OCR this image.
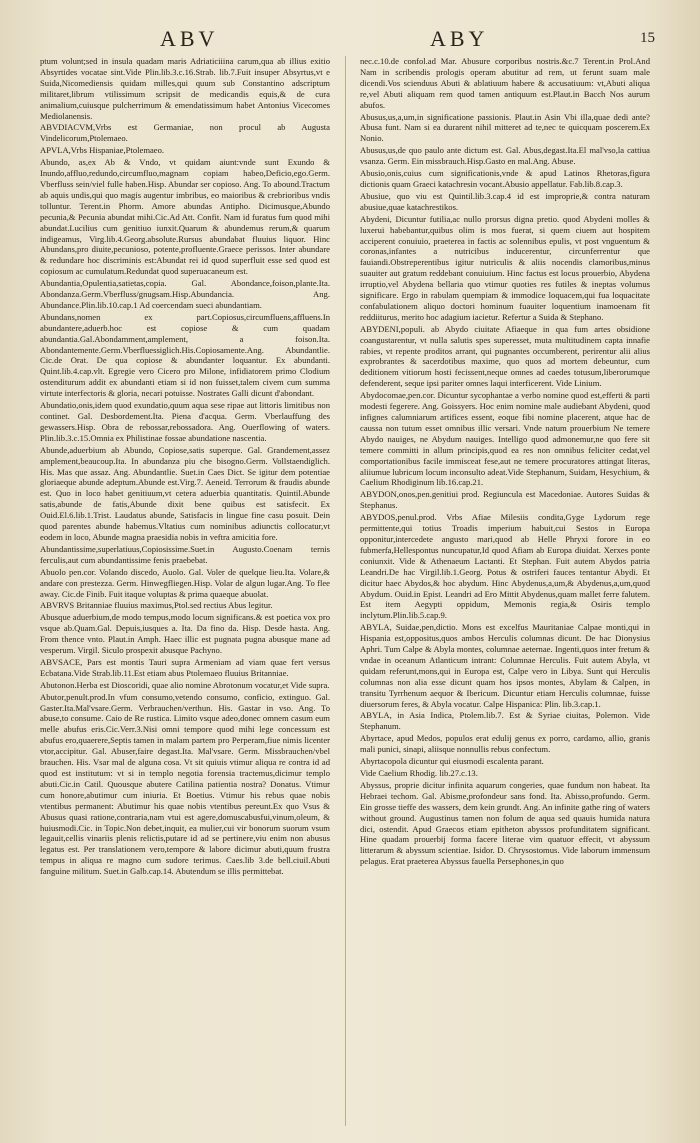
ABV	ABY	15

ptum volunt;sed in insula quadam maris Adriaticiiina carum,qua ab illius exitio Absyrtides vocatae sint.Vide Plin.lib.3.c.16.Strab. lib.7.Fuit insuper Absyrtus,vt e Suida,Nicomediensis quidam milles,qui quum sub Constantino adscriptum militaret,librum vtilissimum scripsit de medicandis equis,& de cura animalium,cuiusque pulcherrimum & emendatissimum habet Antonius Vicecomes Mediolanensis.

ABVDIACVM,Vrbs est Germaniae, non procul ab Augusta Vindelicorum,Ptolemaeo.

APVLA,Vrbs Hispaniae,Ptolemaeo.

Abundo, as,ex Ab & Vndo, vt quidam aiunt:vnde sunt Exundo & Inundo,affluo,redundo,circumfluo,magnam copiam habeo,Deficio,ego.Germ. Vberfluss sein/viel fulle haben.Hisp. Abundar ser copioso. Ang. To abound.Tractum ab aquis undis,qui quo magis augentur imbribus, eo maioribus & crebrioribus vndis tolluntur. Terent.in Phorm. Amore abundas Antipho. Dicimusque,Abundo pecunia,& Pecunia abundat mihi.Cic.Ad Att. Confit. Nam id furatus fum quod mihi abundat.Lucilius cum genitiuo iunxit.Quarum & abundemus rerum,& quarum indigeamus, Virg.lib.4.Georg.absolute.Rursus abundabat fluuius liquor. Hinc Abundans,pro diuite,pecunioso, potente,profluente.Graece perissos. Inter abundare & redundare hoc discriminis est:Abundat rei id quod superfluit esse sed quod est copiosum ac cumulatum.Redundat quod superuacaneum est.

Abundantia,Opulentia,satietas,copia. Gal. Abondance,foison,plante.Ita. Abondanza.Germ.Vberfluss/gnugsam.Hisp.Abundancia. Ang. Abundance.Plin.lib.10.cap.1 Ad coercendam sueci abundantiam.

Abundans,nomen ex part.Copiosus,circumfluens,affluens.In abundantere,aduerb.hoc est copiose & cum quadam abundantia.Gal.Abondamment,amplement, a foison.Ita. Abondantemente.Germ.Vberfluessiglich.His.Copiosamente.Ang. Abundantlie. Cic.de Orat. De qua copiose & abundanter loquantur. Ex abundanti. Quint.lib.4.cap.vlt. Egregie vero Cicero pro Milone, infidiatorem primo Clodium ostenditurum addit ex abundanti etiam si id non fuisset,talem civem cum summa virtute interfectoris & gloria, necari potuisse. Nostrates Galli dicunt d'abondant.

Abundatio,onis,idem quod exundatio,quum aqua sese ripae aut littoris limitibus non continet. Gal. Desbordement.Ita. Piena d'acqua. Germ. Vberlauffung des gewassers.Hisp. Obra de rebossar,rebossadora. Ang. Ouerflowing of waters. Plin.lib.3.c.15.Omnia ex Philistinae fossae abundatione nascentia.

Abunde,aduerbium ab Abundo, Copiose,satis superque. Gal. Grandement,assez amplement,beaucoup.Ita. In abundanza piu che bisogno.Germ. Vollstaendiglich. His. Mas que assaz. Ang. Abundantlie. Suet.in Caes Dict. Se igitur dem potentiae gloriaeque abunde adeptum.Abunde est.Virg.7. Aeneid. Terrorum & fraudis abunde est. Quo in loco habet genitiuum,vt cetera aduerbia quantitatis. Quintil.Abunde satis,abunde de fatis,Abunde dixit bene quibus est satisfecit. Ex Ouid.El.6.lib.1.Trist. Laudatus abunde, Satisfacis in lingue fine casu posuit. Dein quod parentes abunde habemus.Vltatius cum nominibus adiunctis collocatur,vt eodem in loco, Abunde magna praesidia nobis in veftra amicitia fore.

Abundantissime,superlatiuus,Copiosissime.Suet.in Augusto.Coenam ternis ferculis,aut cum abundantissime fenis praebebat.

Abuolo pen.cor. Volando discedo, Auolo. Gal. Voler de quelque lieu.Ita. Volare,& andare con prestezza. Germ. Hinwegfliegen.Hisp. Volar de algun lugar.Ang. To flee away. Cic.de Finib. Fuit itaque voluptas & prima quaeque abuolat.

ABVRVS Britanniae fluuius maximus,Ptol.sed rectius Abus legitur.

Abusque aduerbium,de modo tempus,modo locum significans.& est poetica vox pro vsque ab.Quam.Gal. Depuis,iusques a. Ita. Da fino da. Hisp. Desde hasta. Ang. From thence vnto. Plaut.in Amph. Haec illic est pugnata pugna abusque mane ad vesperum. Virgil. Siculo prospexit abusque Pachyno.

ABVSACE, Pars est montis Tauri supra Armeniam ad viam quae fert versus Ecbatana.Vide Strab.lib.11.Est etiam abus Ptolemaeo fluuius Britanniae.

Abutonon.Herba est Dioscoridi, quae alio nomine Abrotonum vocatur,et Vide supra.

Abutor,penult.prod.In vfum consumo,vetendo consumo, conficio, extinguo. Gal. Gaster.Ita.Mal'vsare.Germ. Verbrauchen/verthun. His. Gastar in vso. Ang. To abuse,to consume. Caio de Re rustica. Limito vsque adeo,donec omnem casum eum melle abufus eris.Cic.Verr.3.Nisi omni tempore quod mihi lege concessum est abufus ero,quaerere,Septis tamen in malam partem pro Perperam,fiue nimis licenter vtor,accipitur. Gal. Abuser,faire degast.Ita. Mal'vsare. Germ. Missbrauchen/vbel brauchen. His. Vsar mal de alguna cosa. Vt sit quiuis vtimur aliqua re contra id ad quod est institutum: vt si in templo negotia forensia tractemus,dicimur templo abuti.Cic.in Catil. Quousque abutere Catilina patientia nostra? Donatus. Vtimur cum honore,abutimur cum iniuria. Et Boetius. Vtimur his rebus quae nobis vtentibus permanent: Abutimur his quae nobis vtentibus pereunt.Ex quo Vsus & Abusus quasi ratione,contraria,nam vtui est agere,domuscabusfui,vinum,oleum, & huiusmodi.Cic. in Topic.Non debet,inquit, ea mulier,cui vir bonorum suorum vsum legauit,cellis vinariis plenis relictis,putare id ad se pertinere,viu enim non abusus legatus est. Per translationem vero,tempore & labore dicimur abuti,quum frustra tempus in aliqua re magno cum sudore terimus. Caes.lib 3.de bell.ciuil.Abuti fanguine militum. Suet.in Galb.cap.14. Abutendum se illis permittebat.

nec.c.10.de confol.ad Mar. Abusure corporibus nostris.&c.7 Terent.in Prol.And Nam in scribendis prologis operam abutitur ad rem, ut ferunt suam male dicendi.Vos scienduus Abuti & ablatiuum habere & accusatiuum: vt,Abuti aliqua re,vel Abuti aliquam rem quod tamen antiquum est.Plaut.in Bacch Nos aurum abufos.

Abusus,us,a,um,in significatione passionis. Plaut.in Asin Vbi illa,quae dedi ante? Abusa funt. Nam si ea durarent nihil mitteret ad te,nec te quicquam poscerem.Ex Nonio.

Abusus,us,de quo paulo ante dictum est. Gal. Abus,degast.Ita.El mal'vso,la cattiua vsanza. Germ. Ein missbrauch.Hisp.Gasto en mal.Ang. Abuse.

Abusio,onis,cuius cum significationis,vnde & apud Latinos Rhetoras,figura dictionis quam Graeci katachresin vocant.Abusio appellatur. Fab.lib.8.cap.3.

Abusiue, quo viu est Quintil.lib.3.cap.4 id est improprie,& contra naturam abusiue,quae katachrestikos.

Abydeni, Dicuntur futilia,ac nullo prorsus digna pretio. quod Abydeni molles & luxerui habebantur,quibus olim is mos fuerat, si quem ciuem aut hospitem acciperent conuiuio, praeterea in factis ac solennibus epulis, vt post vnguentum & coronas,infantes a nutricibus inducerentur, circunferrentur que fauiandi.Obstreperentibus igitur nutriculis & aliis nocendis clamoribus,minus suauiter aut gratum reddebant conuiuium. Hinc factus est locus prouerbio, Abydena irruptio,vel Abydena bellaria quo vtimur quoties res futiles & ineptas volumus significare. Ergo in rabulam quempiam & immodice loquacem,qui fua loquacitate confabulationem aliquo doctori hominum fuauiter loquentium inamoenam fit reddiiturus, merito hoc adagium iacietur. Refertur a Suida & Stephano.

ABYDENI,populi. ab Abydo ciuitate Afiaeque in qua fum artes obsidione coangustarentur, vt nulla salutis spes superesset, muta multitudinem capta innafie rabies, vt repente proditos arrant, qui pugnantes occumberent, perirentur alii alius exprobrantes & sacerdotibus maxime, quo quos ad mortem debeuntur, cum deditionem vitiorum hosti fecissent,neque omnes ad caedes totusum,liberorumque defenderent, seque ipsi pariter omnes laqui interficerent. Vide Linium.

Abydocomae,pen.cor. Dicuntur sycophantae a verbo nomine quod est,efferti & parti modesti fegerere. Ang. Goissyers. Hoc enim nomine male audiebant Abydeni, quod infignes calumniarum artifices essent, eoque fibi nomine placerent, atque hac de caussa non tutum esset omnibus illic versari. Vnde natum prouerbium Ne temere Abydo nauiges, ne Abydum nauiges. Intelligo quod admonemur,ne quo fere sit temere committi in allum principis,quod ea res non omnibus feliciter cedat,vel comportationibus facile immisceat fese,aut ne temere procuratores attingat literas, aliiumue lubricum locum inconsulto adeat.Vide Stephanum, Suidam, Hesychium, & Caelium Rhodiginum lib.16.cap.21.

ABYDON,onos,pen.genitiui prod. Regiuncula est Macedoniae. Autores Suidas & Stephanus.

ABYDOS,penul.prod. Vrbs Afiae Milesiis condita,Gyge Lydorum rege permittente,qui totius Troadis imperium habuit,cui Sestos in Europa opponitur,intercedete angusto mari,quod ab Helle Phryxi forore in eo fubmerfa,Hellespontus nuncupatur,Id quod Afiam ab Europa diuidat. Xerxes ponte coniunxit. Vide & Athenaeum Lactanti. Et Stephan. Fuit autem Abydos patria Leandri.De hac Virgil.lib.1.Georg. Potus & ostriferi fauces tentantur Abydi. Et dicitur haec Abydos,& hoc abydum. Hinc Abydenus,a,um,& Abydenus,a,um,quod Abydum. Ouid.in Epist. Leandri ad Ero Mittit Abydenus,quam mallet ferre falutem. Est item Aegypti oppidum, Memonis regia,& Osiris templo inclytum.Plin.lib.5.cap.9.

ABYLA, Suidae,pen,dictio. Mons est excelfus Mauritaniae Calpae monti,qui in Hispania est,oppositus,quos ambos Herculis columnas dicunt. De hac Dionysius Aphri. Tum Calpe & Abyla montes, columnae aeternae. Ingenti,quos inter fretum & vndae in oceanum Atlanticum intrant: Columnae Herculis. Fuit autem Abyla, vt quidam referunt,mons,qui in Europa est, Calpe vero in Libya. Sunt qui Herculis columnas non alia esse dicunt quam hos ipsos montes, Abylam & Calpen, in transitu Tyrrhenum aequor & Ibericum. Dicuntur etiam Herculis columnae, fuisse diuersorum feres, & Abyla vocatur. Calpe Hispanica: Plin. lib.3.cap.1.

ABYLA, in Asia Indica, Ptolem.lib.7. Est & Syriae ciuitas, Polemon. Vide Stephanum.

Abyrtace, apud Medos, populos erat edulij genus ex porro, cardamo, allio, granis mali punici, sinapi, aliisque nonnullis rebus confectum.

Abyrtacopola dicuntur qui eiusmodi escalenta parant.

Vide Caelium Rhodig. lib.27.c.13.

Abyssus, proprie dicitur infinita aquarum congeries, quae fundum non habeat. Ita Hebraei techom. Gal. Abisme,profondeur sans fond. Ita. Abisso,profundo. Germ. Ein grosse tieffe des wassers, dem kein grundt. Ang. An infinite gathe ring of waters without ground. Augustinus tamen non folum de aqua sed quauis humida natura dici, ostendit. Apud Graecos etiam epitheton abyssos profunditatem significant. Hine quadam prouerbij forma facere literae vim quatuor effecit, vt abyssum litterarum & abyssum scientiae. Isidor. D. Chrysostomus. Vide laborum immensum pelagus. Erat praeterea Abyssus fauella Persephones,in quo
